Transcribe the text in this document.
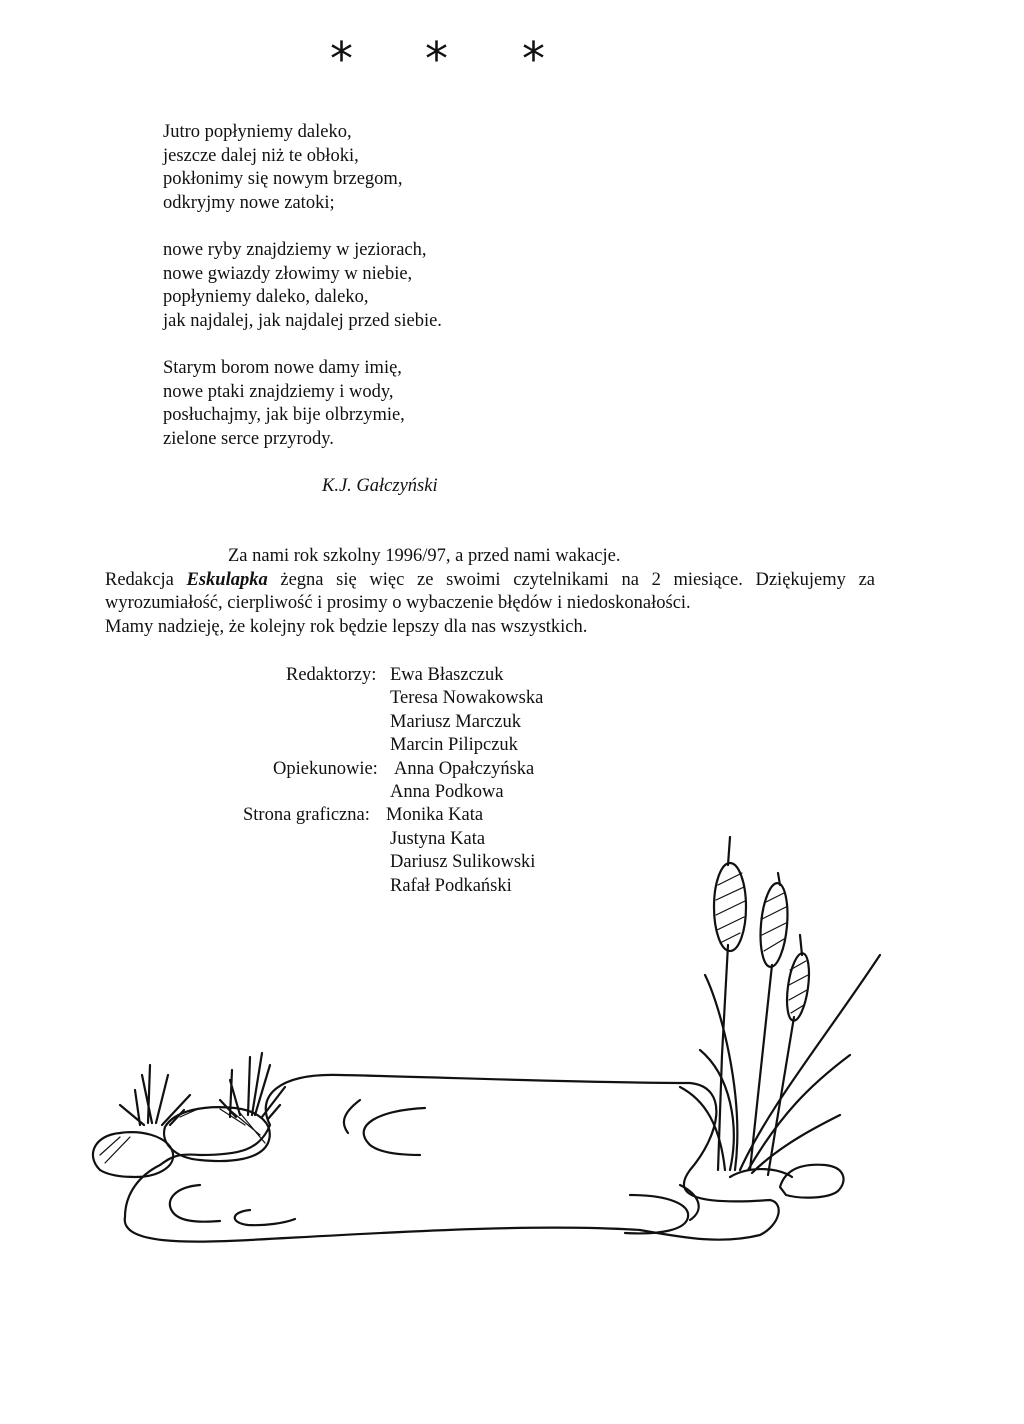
* * *
Jutro popłyniemy daleko,
jeszcze dalej niż te obłoki,
pokłonimy się nowym brzegom,
odkryjmy nowe zatoki;
nowe ryby znajdziemy w jeziorach,
nowe gwiazdy złowimy w niebie,
popłyniemy daleko, daleko,
jak najdalej, jak najdalej przed siebie.
Starym borom nowe damy imię,
nowe ptaki znajdziemy i wody,
posłuchajmy, jak bije olbrzymie,
zielone serce przyrody.
K.J. Gałczyński

Za nami rok szkolny 1996/97, a przed nami wakacje.

Redakcja Eskulapka żegna się więc ze swoimi czytelnikami na 2 miesiące. Dziękujemy za wyrozumiałość, cierpliwość i prosimy o wybaczenie błędów i niedoskonałości.

Mamy nadzieję, że kolejny rok będzie lepszy dla nas wszystkich.

Redaktorzy: Ewa Błaszczuk
Teresa Nowakowska
Mariusz Marczuk
Marcin Pilipczuk
Opiekunowie: Anna Opałczyńska
Anna Podkowa
Strona graficzna: Monika Kata
Justyna Kata
Dariusz Sulikowski
Rafał Podkański
